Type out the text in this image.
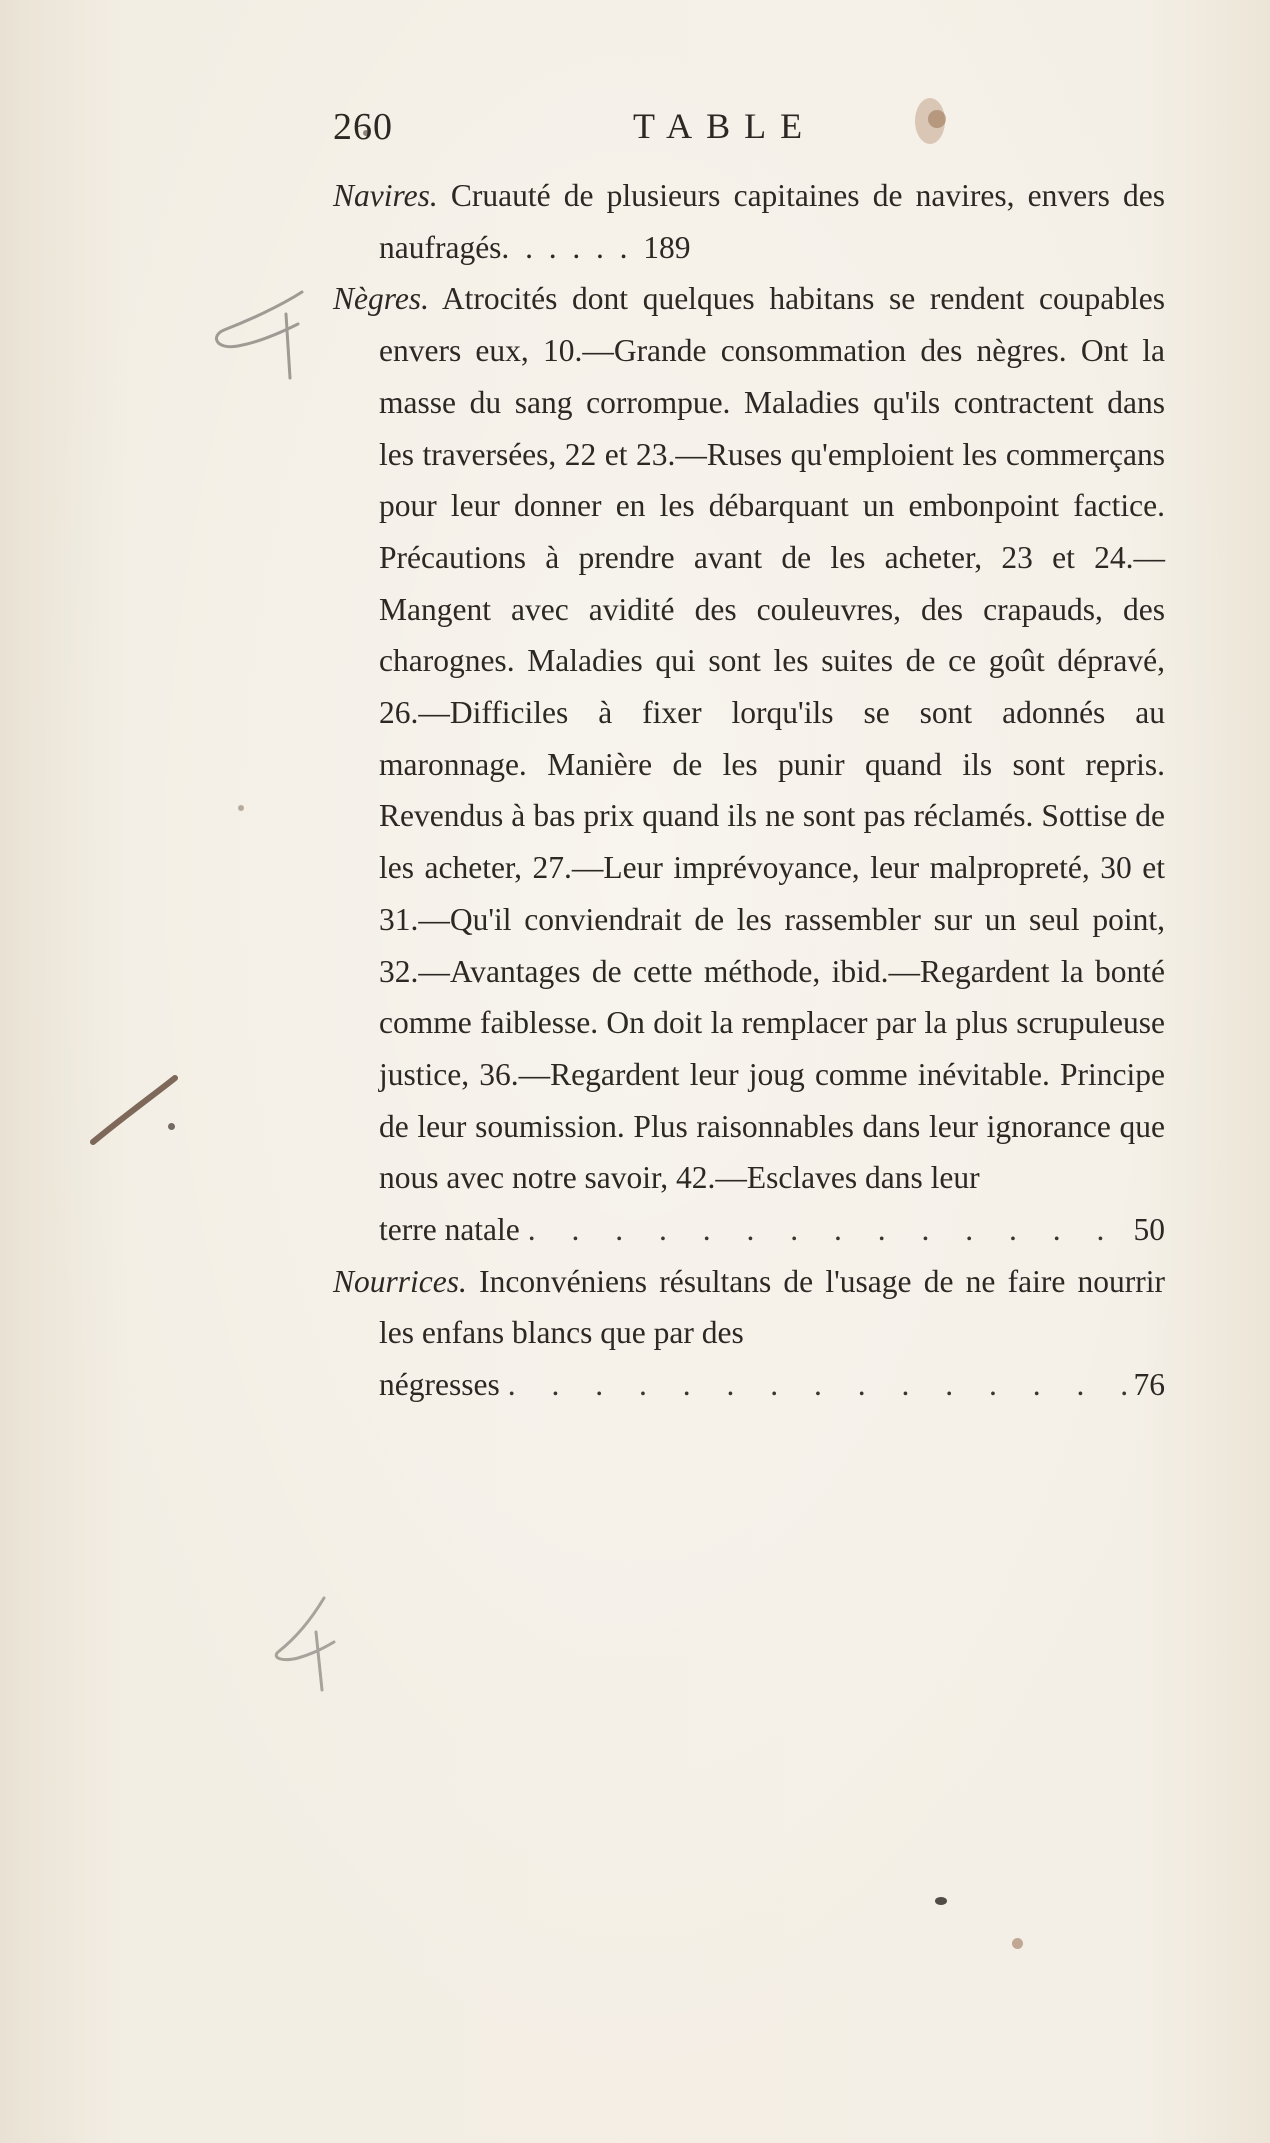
260	TABLE

Navires. Cruauté de plusieurs capitaines de navires, envers des naufragés.  .  .  .  .  .  189

Nègres. Atrocités dont quelques habitans se rendent coupables envers eux, 10.—Grande consommation des nègres. Ont la masse du sang corrompue. Maladies qu'ils contractent dans les traversées, 22 et 23.—Ruses qu'emploient les commerçans pour leur donner en les débarquant un embonpoint factice. Précautions à prendre avant de les acheter, 23 et 24.—Mangent avec avidité des couleuvres, des crapauds, des charognes. Maladies qui sont les suites de ce goût dépravé, 26.—Difficiles à fixer lorqu'ils se sont adonnés au maronnage. Manière de les punir quand ils sont repris. Revendus à bas prix quand ils ne sont pas réclamés. Sottise de les acheter, 27.—Leur imprévoyance, leur malpropreté, 30 et 31.—Qu'il conviendrait de les rassembler sur un seul point, 32.—Avantages de cette méthode, ibid.—Regardent la bonté comme faiblesse. On doit la remplacer par la plus scrupuleuse justice, 36.—Regardent leur joug comme inévitable. Principe de leur soumission. Plus raisonnables dans leur ignorance que nous avec notre savoir, 42.—Esclaves dans leur

terre natale . . .	50

Nourrices. Inconvéniens résultans de l'usage de ne faire nourrir les enfans blancs que par des

négresses . . .	76
